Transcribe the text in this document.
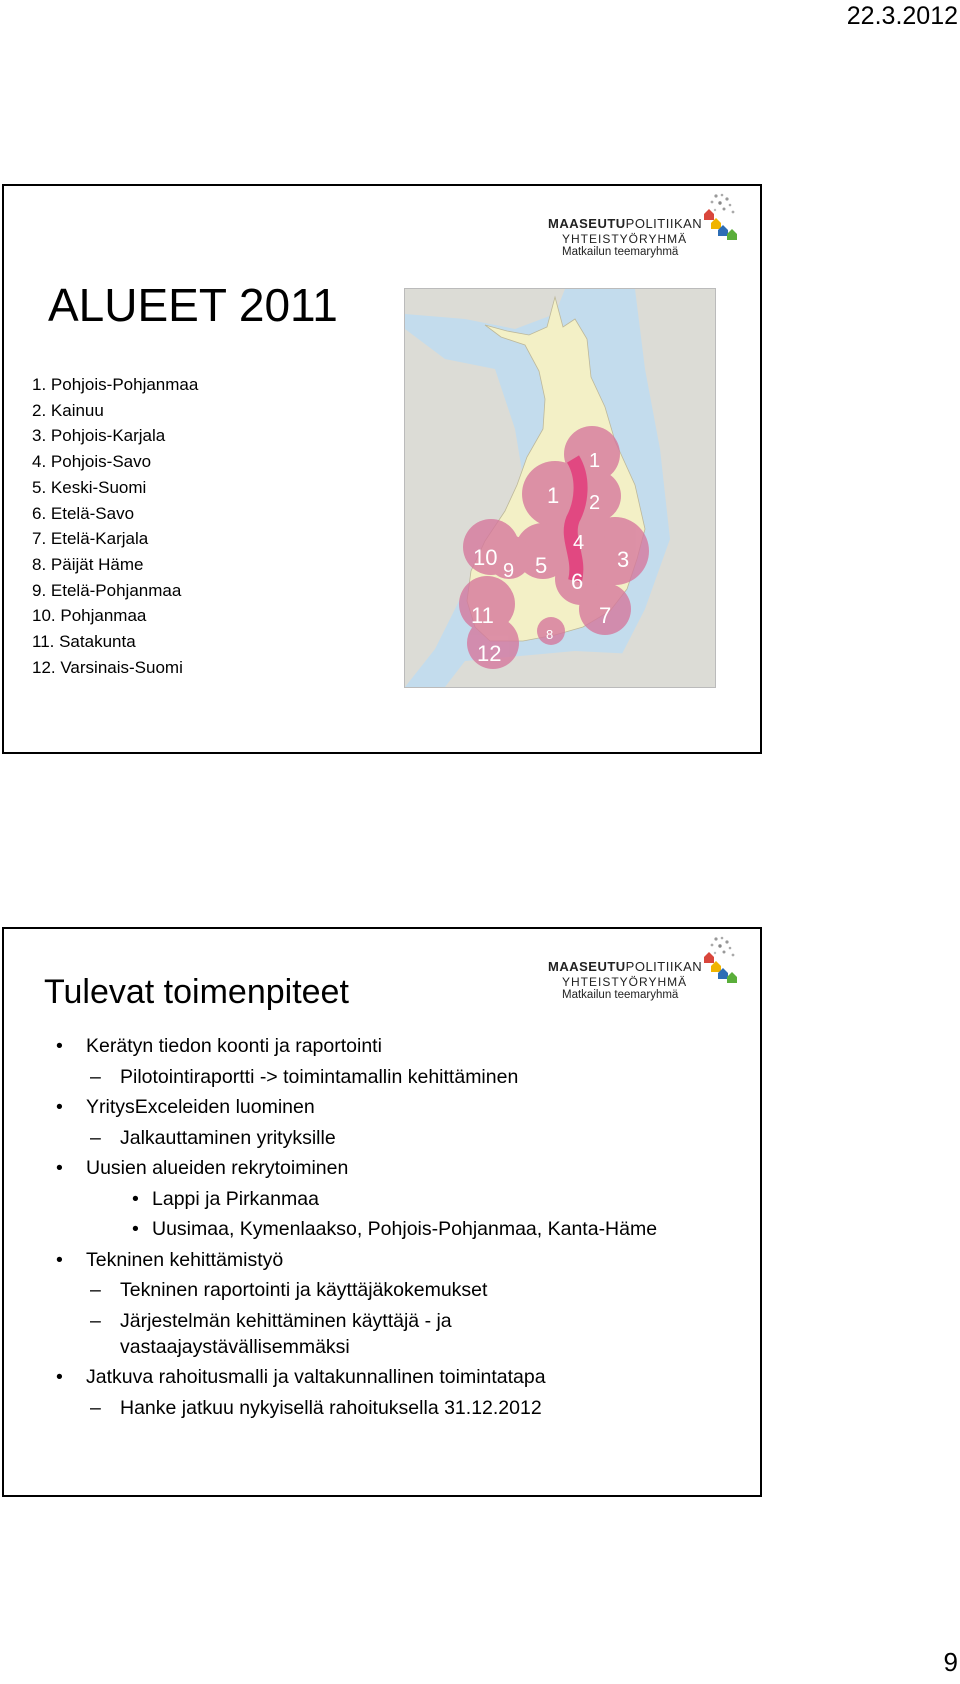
22.3.2012
MAASEUTUPOLITIIKAN
YHTEISTYÖRYHMÄ
Matkailun teemaryhmä
ALUEET 2011
1. Pohjois-Pohjanmaa
2. Kainuu
3. Pohjois-Karjala
4. Pohjois-Savo
5. Keski-Suomi
6. Etelä-Savo
7. Etelä-Karjala
8. Päijät Häme
9. Etelä-Pohjanmaa
10. Pohjanmaa
11. Satakunta
12. Varsinais-Suomi
1
1 2
3
4
5
6
7
8
9
10
11
12
MAASEUTUPOLITIIKAN
YHTEISTYÖRYHMÄ
Matkailun teemaryhmä
Tulevat toimenpiteet
• Kerätyn tiedon koonti ja raportointi
– Pilotointiraportti -> toimintamallin kehittäminen
• YritysExceleiden luominen
– Jalkauttaminen yrityksille
• Uusien alueiden rekrytoiminen
• Lappi ja Pirkanmaa
• Uusimaa, Kymenlaakso, Pohjois-Pohjanmaa, Kanta-Häme
• Tekninen kehittämistyö
– Tekninen raportointi ja käyttäjäkokemukset
– Järjestelmän kehittäminen käyttäjä - ja vastaajaystävällisemmäksi
• Jatkuva rahoitusmalli ja valtakunnallinen toimintatapa
– Hanke jatkuu nykyisellä rahoituksella 31.12.2012
9
